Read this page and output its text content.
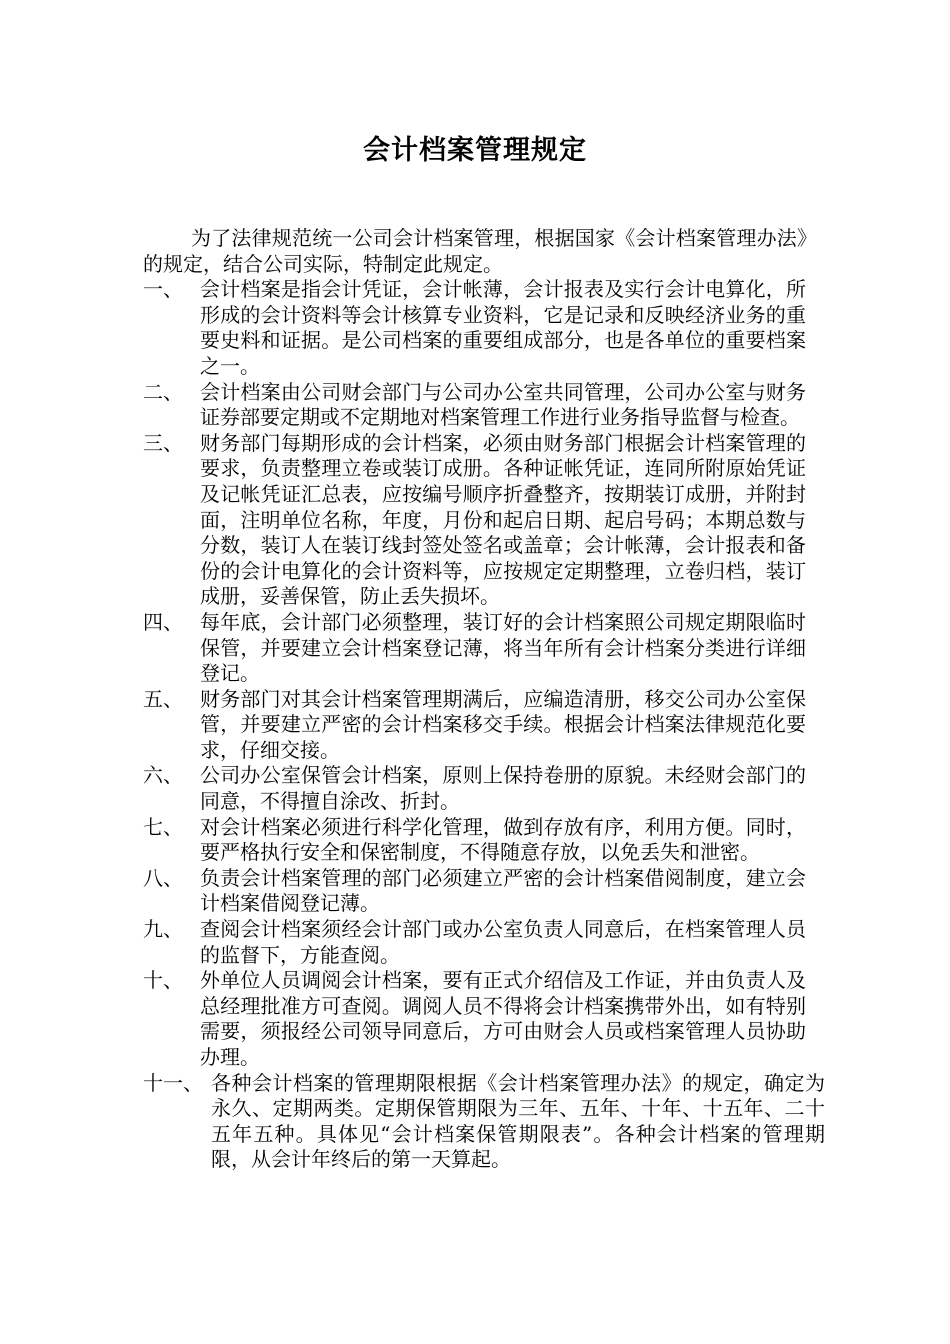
会计档案管理规定

为了法律规范统一公司会计档案管理，根据国家《会计档案管理办法》的规定，结合公司实际，特制定此规定。

一、 会计档案是指会计凭证，会计帐薄，会计报表及实行会计电算化，所形成的会计资料等会计核算专业资料，它是记录和反映经济业务的重要史料和证据。是公司档案的重要组成部分，也是各单位的重要档案之一。
二、 会计档案由公司财会部门与公司办公室共同管理，公司办公室与财务证券部要定期或不定期地对档案管理工作进行业务指导监督与检查。
三、 财务部门每期形成的会计档案，必须由财务部门根据会计档案管理的要求，负责整理立卷或装订成册。各种证帐凭证，连同所附原始凭证及记帐凭证汇总表，应按编号顺序折叠整齐，按期装订成册，并附封面，注明单位名称，年度，月份和起启日期、起启号码；本期总数与分数，装订人在装订线封签处签名或盖章；会计帐薄，会计报表和备份的会计电算化的会计资料等，应按规定定期整理，立卷归档，装订成册，妥善保管，防止丢失损坏。
四、 每年底，会计部门必须整理，装订好的会计档案照公司规定期限临时保管，并要建立会计档案登记薄，将当年所有会计档案分类进行详细登记。
五、 财务部门对其会计档案管理期满后，应编造清册，移交公司办公室保管，并要建立严密的会计档案移交手续。根据会计档案法律规范化要求，仔细交接。
六、 公司办公室保管会计档案，原则上保持卷册的原貌。未经财会部门的同意，不得擅自涂改、折封。
七、 对会计档案必须进行科学化管理，做到存放有序，利用方便。同时，要严格执行安全和保密制度，不得随意存放，以免丢失和泄密。
八、 负责会计档案管理的部门必须建立严密的会计档案借阅制度，建立会计档案借阅登记薄。
九、 查阅会计档案须经会计部门或办公室负责人同意后，在档案管理人员的监督下，方能查阅。
十、 外单位人员调阅会计档案，要有正式介绍信及工作证，并由负责人及总经理批准方可查阅。调阅人员不得将会计档案携带外出，如有特别需要，须报经公司领导同意后，方可由财会人员或档案管理人员协助办理。
十一、 各种会计档案的管理期限根据《会计档案管理办法》的规定，确定为永久、定期两类。定期保管期限为三年、五年、十年、十五年、二十五年五种。具体见“会计档案保管期限表”。各种会计档案的管理期限，从会计年终后的第一天算起。
